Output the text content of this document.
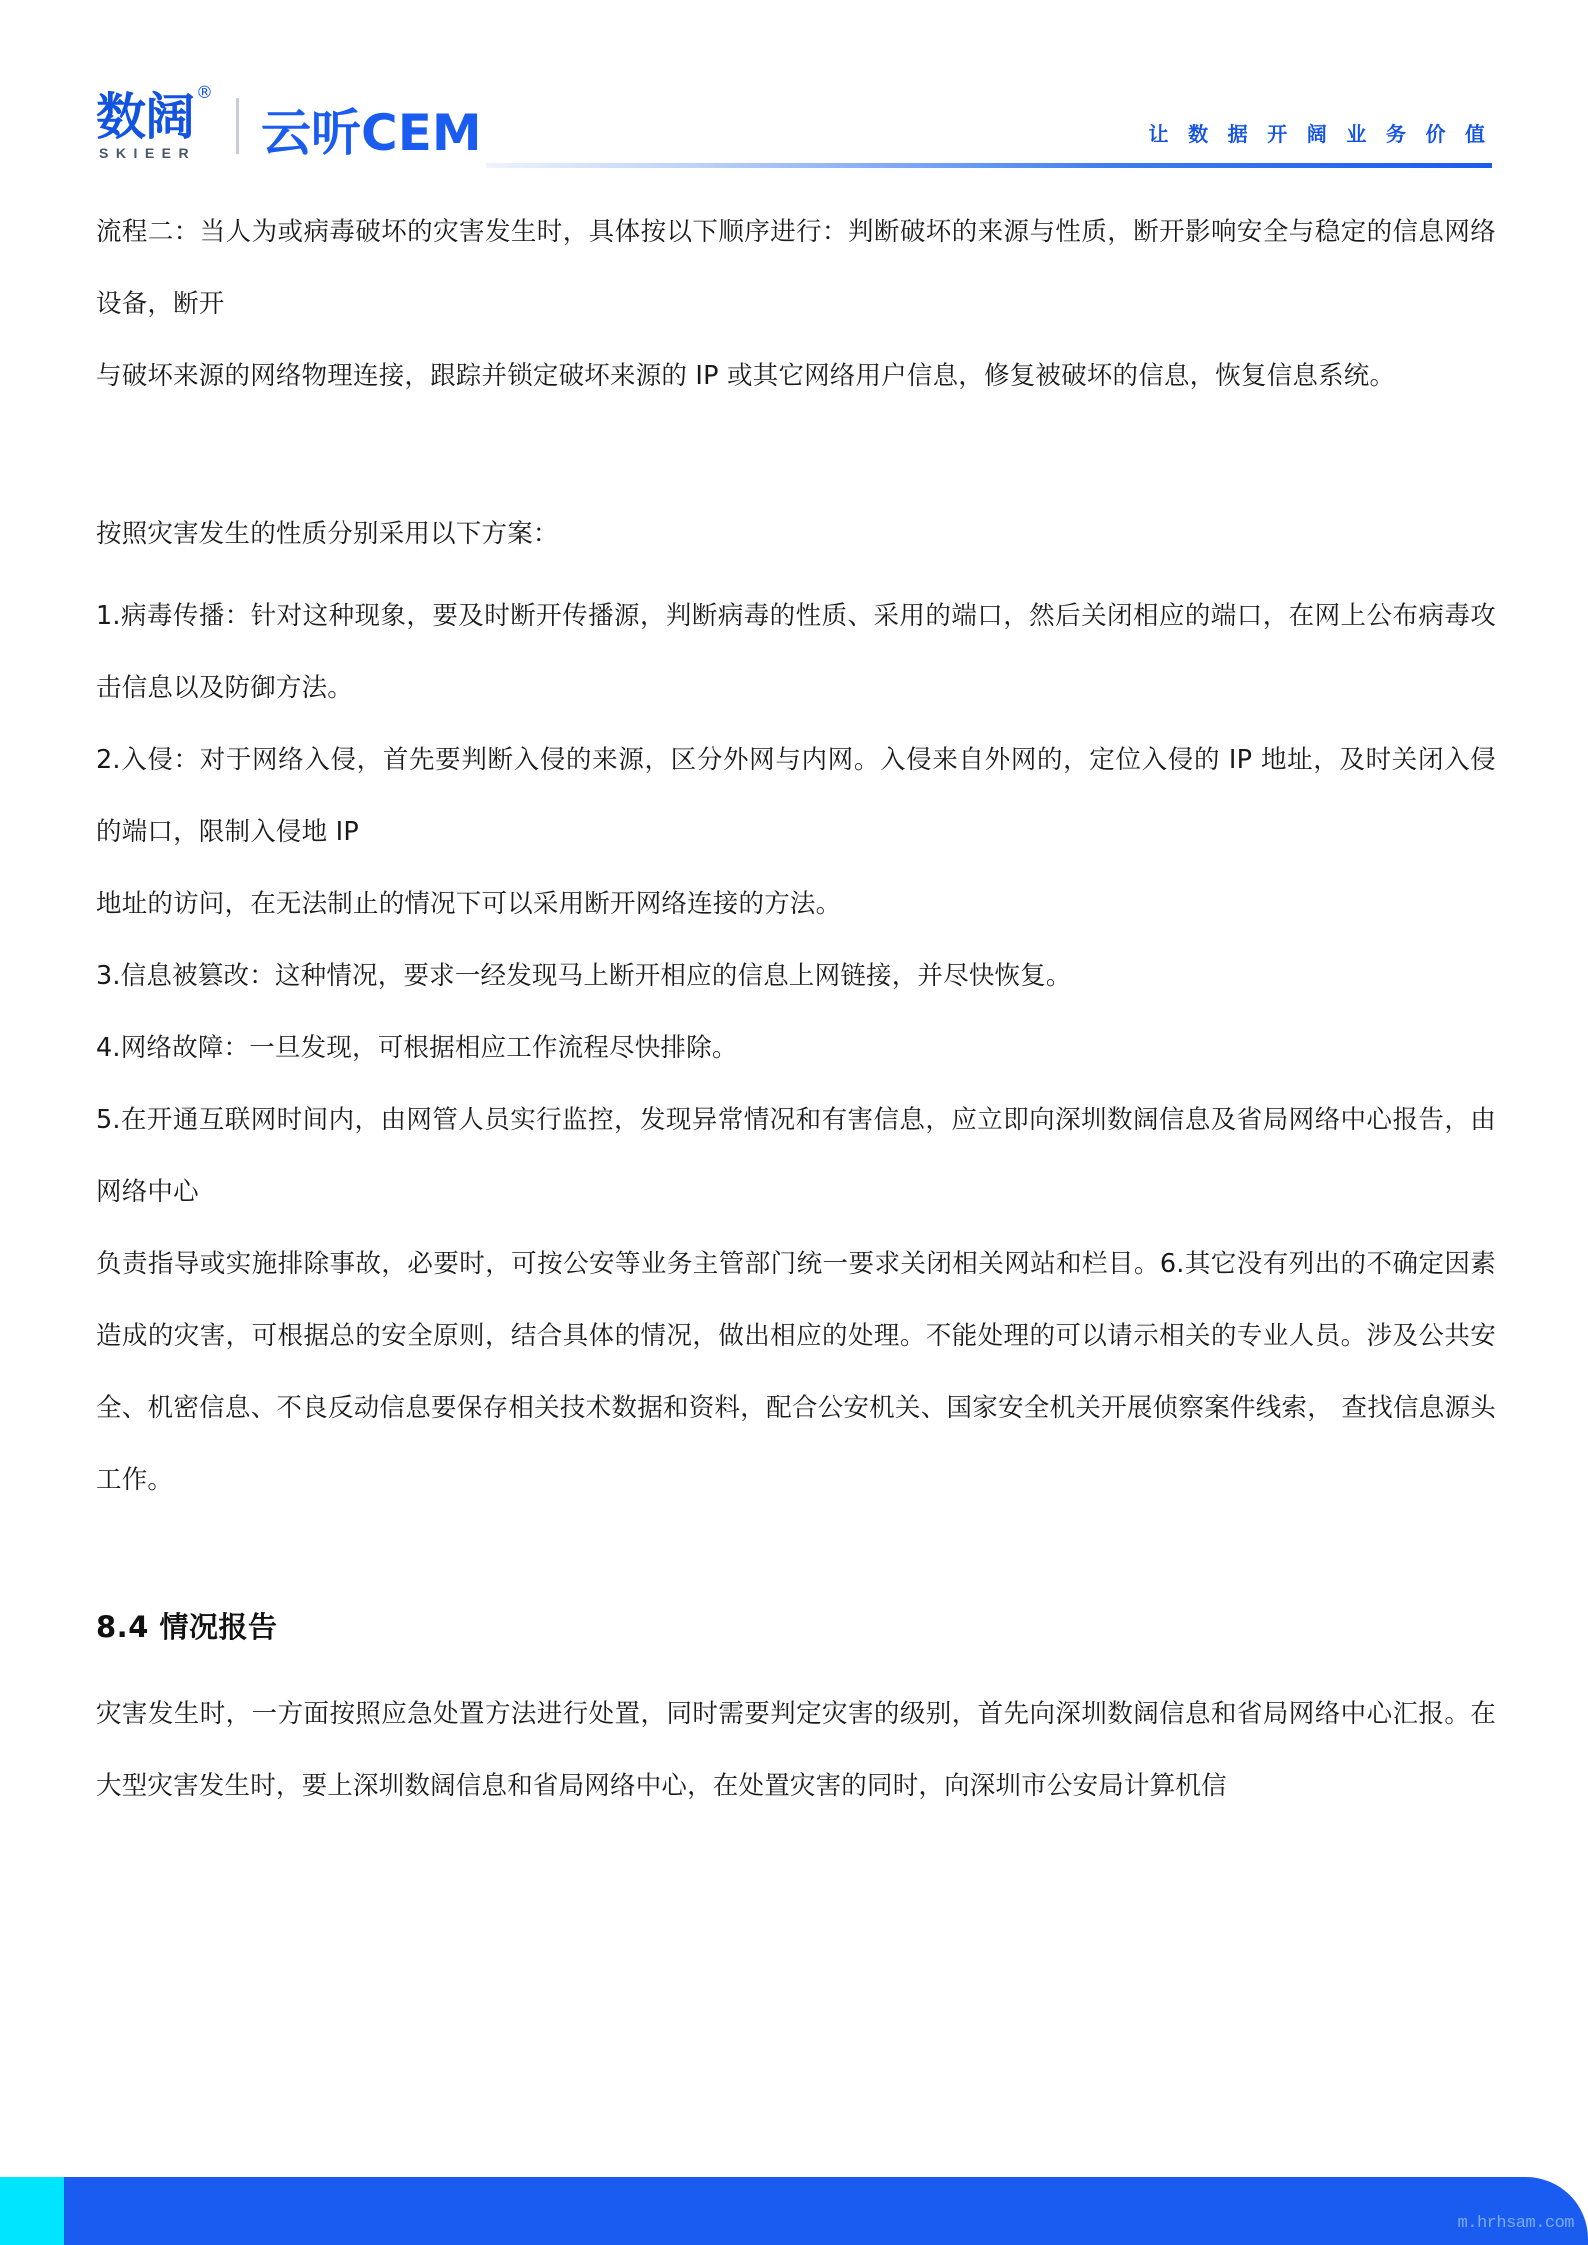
数阔 ®
SKIEER 云听CEM	让 数 据 开 阔 业 务 价 值

流程二：当人为或病毒破坏的灾害发生时，具体按以下顺序进行：判断破坏的来源与性质，断开影响安全与稳定的信息网络设备，断开

与破坏来源的网络物理连接，跟踪并锁定破坏来源的 IP 或其它网络用户信息，修复被破坏的信息，恢复信息系统。

按照灾害发生的性质分别采用以下方案：

1.病毒传播：针对这种现象，要及时断开传播源，判断病毒的性质、采用的端口，然后关闭相应的端口，在网上公布病毒攻击信息以及防御方法。

2.入侵：对于网络入侵，首先要判断入侵的来源，区分外网与内网。入侵来自外网的，定位入侵的 IP 地址，及时关闭入侵的端口，限制入侵地 IP

地址的访问，在无法制止的情况下可以采用断开网络连接的方法。

3.信息被篡改：这种情况，要求一经发现马上断开相应的信息上网链接，并尽快恢复。

4.网络故障：一旦发现，可根据相应工作流程尽快排除。

5.在开通互联网时间内，由网管人员实行监控，发现异常情况和有害信息，应立即向深圳数阔信息及省局网络中心报告，由网络中心

负责指导或实施排除事故，必要时，可按公安等业务主管部门统一要求关闭相关网站和栏目。6.其它没有列出的不确定因素造成的灾害，可根据总的安全原则，结合具体的情况，做出相应的处理。不能处理的可以请示相关的专业人员。涉及公共安全、机密信息、不良反动信息要保存相关技术数据和资料，配合公安机关、国家安全机关开展侦察案件线索， 查找信息源头工作。

8.4 情况报告

灾害发生时，一方面按照应急处置方法进行处置，同时需要判定灾害的级别，首先向深圳数阔信息和省局网络中心汇报。在大型灾害发生时，要上深圳数阔信息和省局网络中心，在处置灾害的同时，向深圳市公安局计算机信

m.hrhsam.com
